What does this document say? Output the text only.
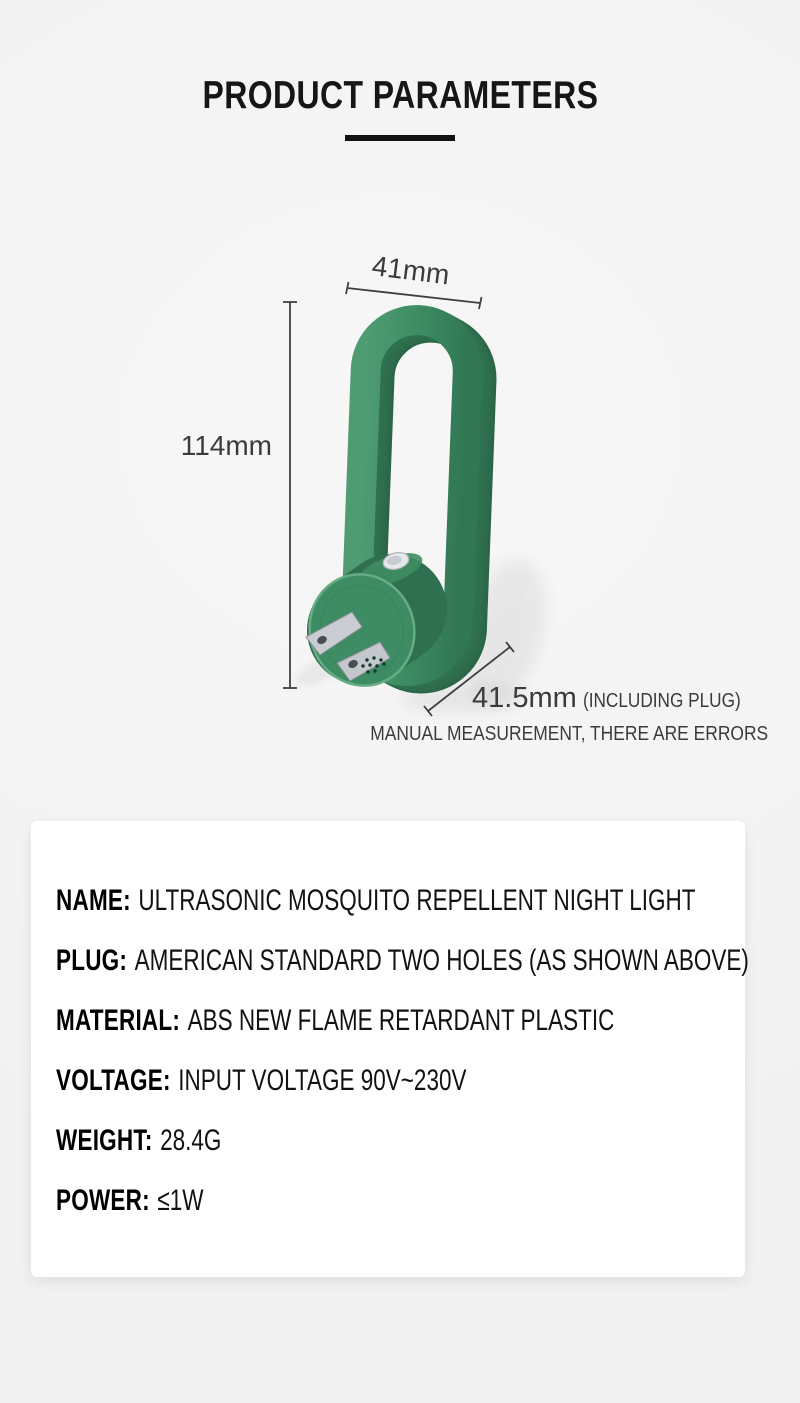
PRODUCT PARAMETERS
41mm
114mm
41.5mm (INCLUDING PLUG)
MANUAL MEASUREMENT, THERE ARE ERRORS
NAME: ULTRASONIC MOSQUITO REPELLENT NIGHT LIGHT
PLUG: AMERICAN STANDARD TWO HOLES (AS SHOWN ABOVE)
MATERIAL: ABS NEW FLAME RETARDANT PLASTIC
VOLTAGE: INPUT VOLTAGE 90V~230V
WEIGHT: 28.4G
POWER: ≤1W
